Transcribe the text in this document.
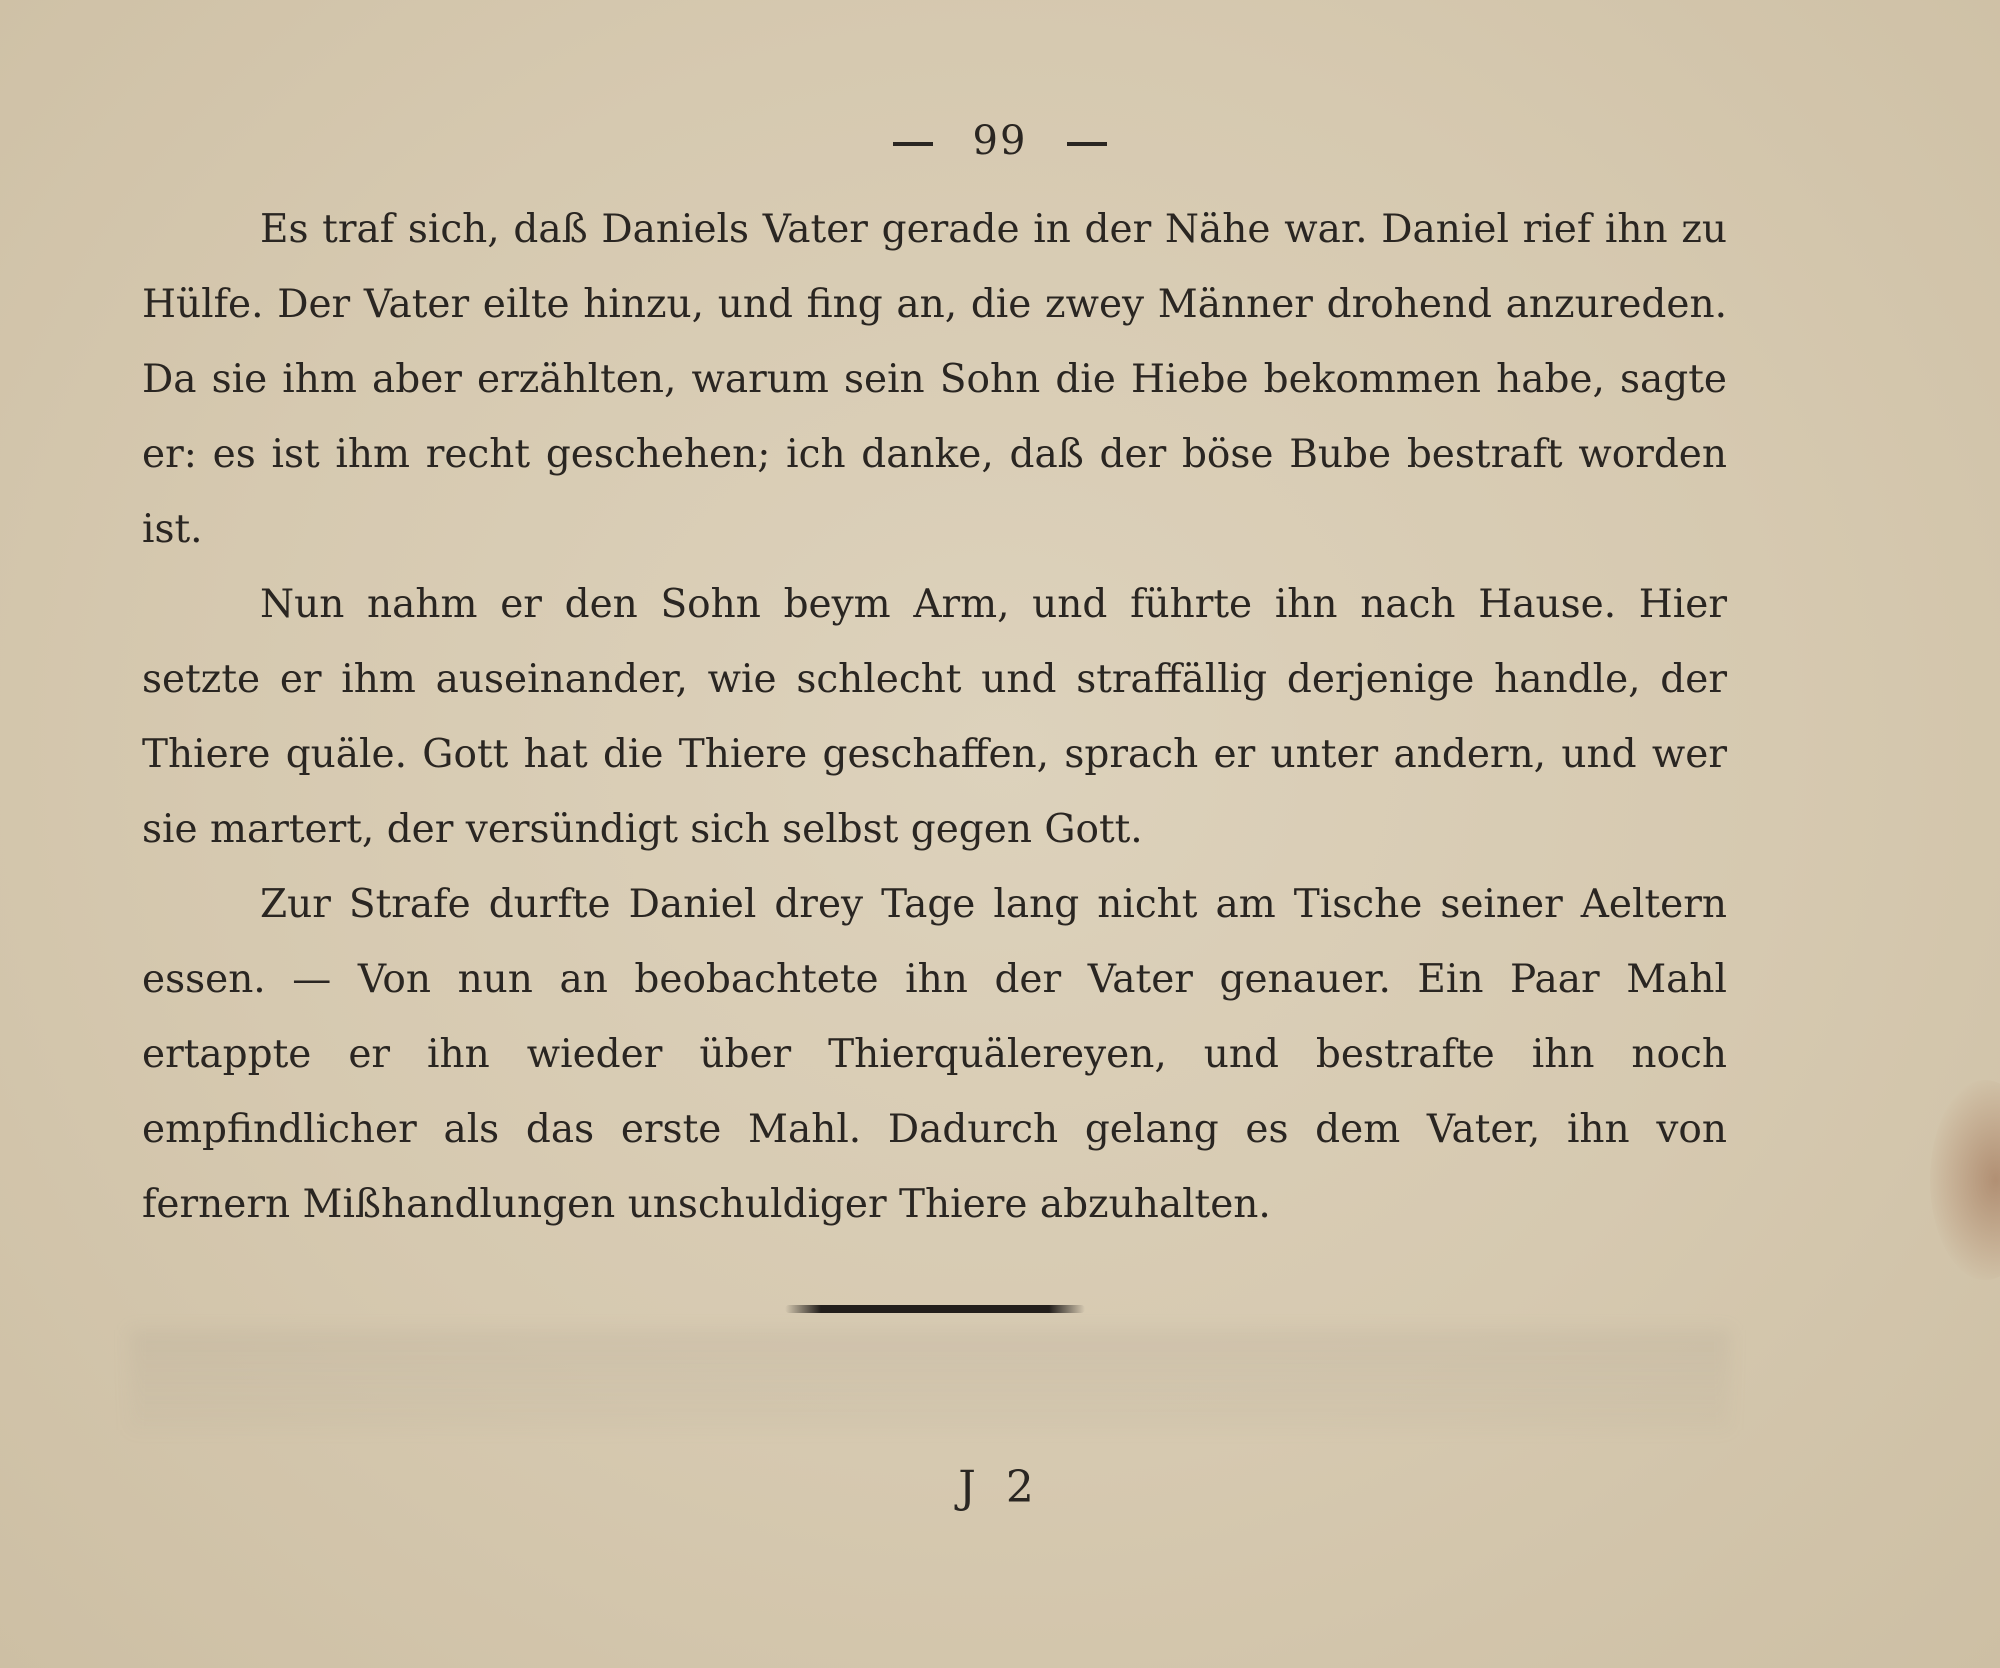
99

Es traf sich, daß Daniels Vater gerade in der Nähe war. Daniel rief ihn zu Hülfe. Der Vater eilte hinzu, und fing an, die zwey Männer drohend anzureden. Da sie ihm aber erzählten, warum sein Sohn die Hiebe bekommen habe, sagte er: es ist ihm recht geschehen; ich danke, daß der böse Bube bestraft worden ist.

Nun nahm er den Sohn beym Arm, und führte ihn nach Hause. Hier setzte er ihm auseinander, wie schlecht und straffällig derjenige handle, der Thiere quäle. Gott hat die Thiere geschaffen, sprach er unter andern, und wer sie martert, der versündigt sich selbst gegen Gott.

Zur Strafe durfte Daniel drey Tage lang nicht am Tische seiner Aeltern essen. — Von nun an beobachtete ihn der Vater genauer. Ein Paar Mahl ertappte er ihn wieder über Thierquälereyen, und bestrafte ihn noch empfindlicher als das erste Mahl. Dadurch gelang es dem Vater, ihn von fernern Mißhandlungen unschuldiger Thiere abzuhalten.

J 2
